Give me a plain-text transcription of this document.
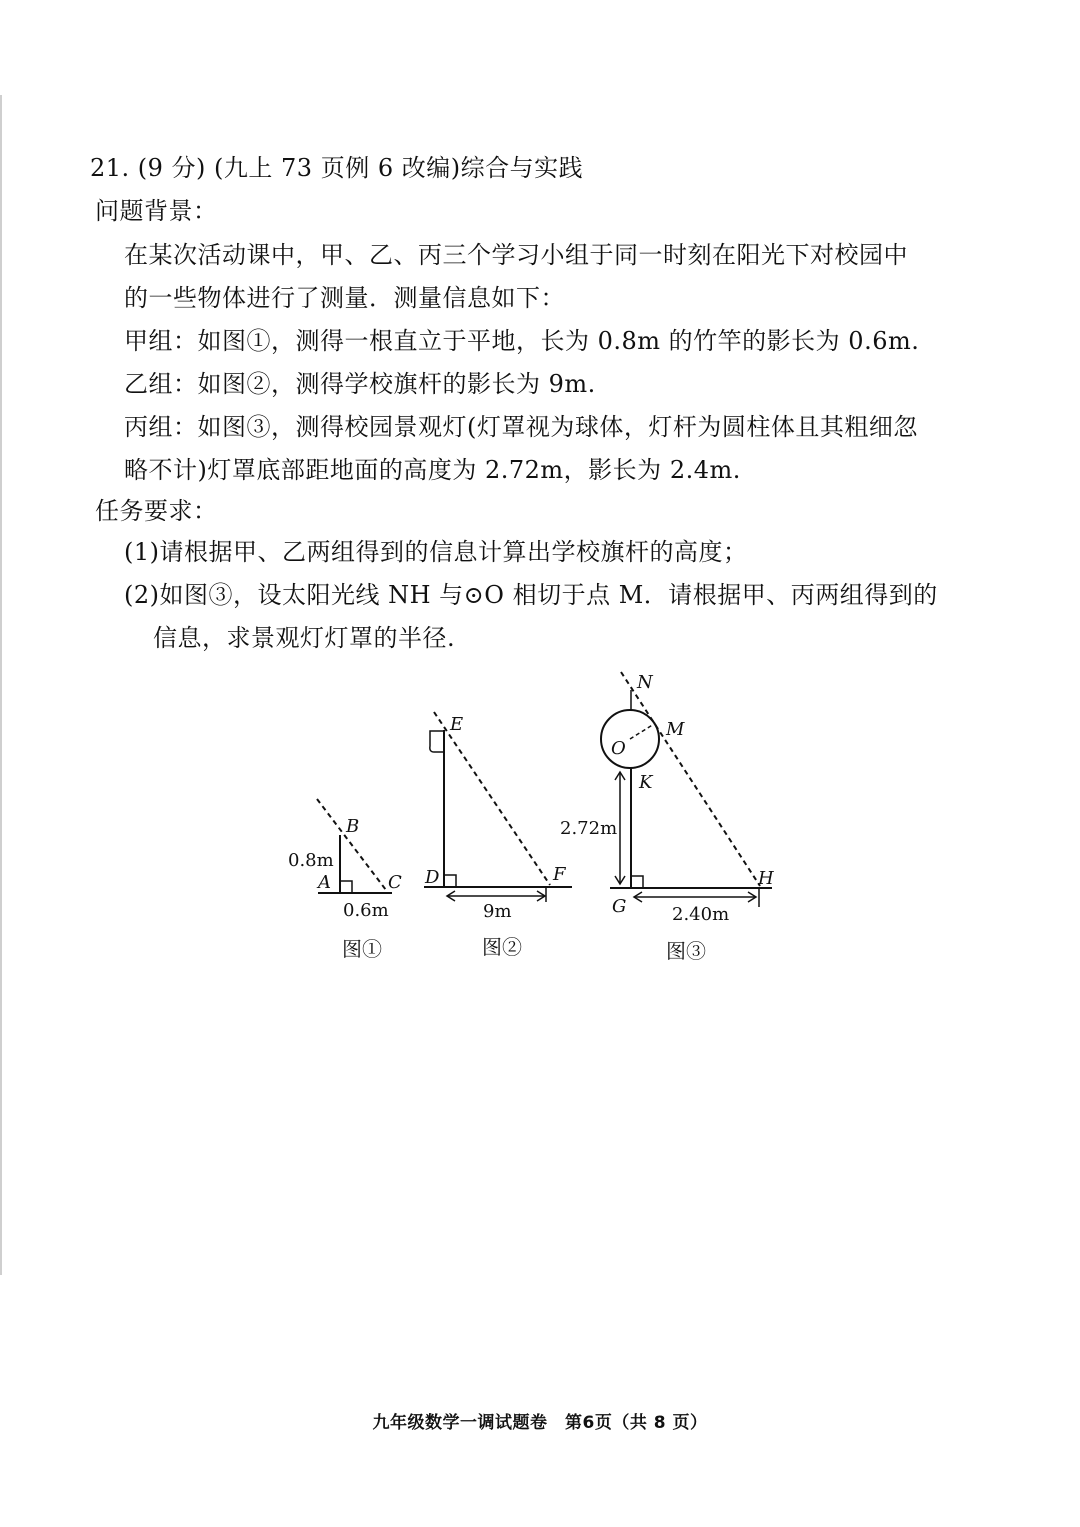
21. (9 分) (九上 73 页例 6 改编)综合与实践
问题背景：
在某次活动课中，甲、乙、丙三个学习小组于同一时刻在阳光下对校园中
的一些物体进行了测量．测量信息如下：
甲组：如图①，测得一根直立于平地，长为 0.8m 的竹竿的影长为 0.6m.
乙组：如图②，测得学校旗杆的影长为 9m.
丙组：如图③，测得校园景观灯(灯罩视为球体，灯杆为圆柱体且其粗细忽
略不计)灯罩底部距地面的高度为 2.72m，影长为 2.4m.
任务要求：
(1)请根据甲、乙两组得到的信息计算出学校旗杆的高度；
(2)如图③，设太阳光线 NH 与⊙O 相切于点 M．请根据甲、丙两组得到的
信息，求景观灯灯罩的半径.
B
A	C
0.8m
0.6m
图①
E
D	F
9m
图②
N
M
O
K
G
H
2.72m
2.40m
图③
九年级数学一调试题卷　第6页（共 8 页）
